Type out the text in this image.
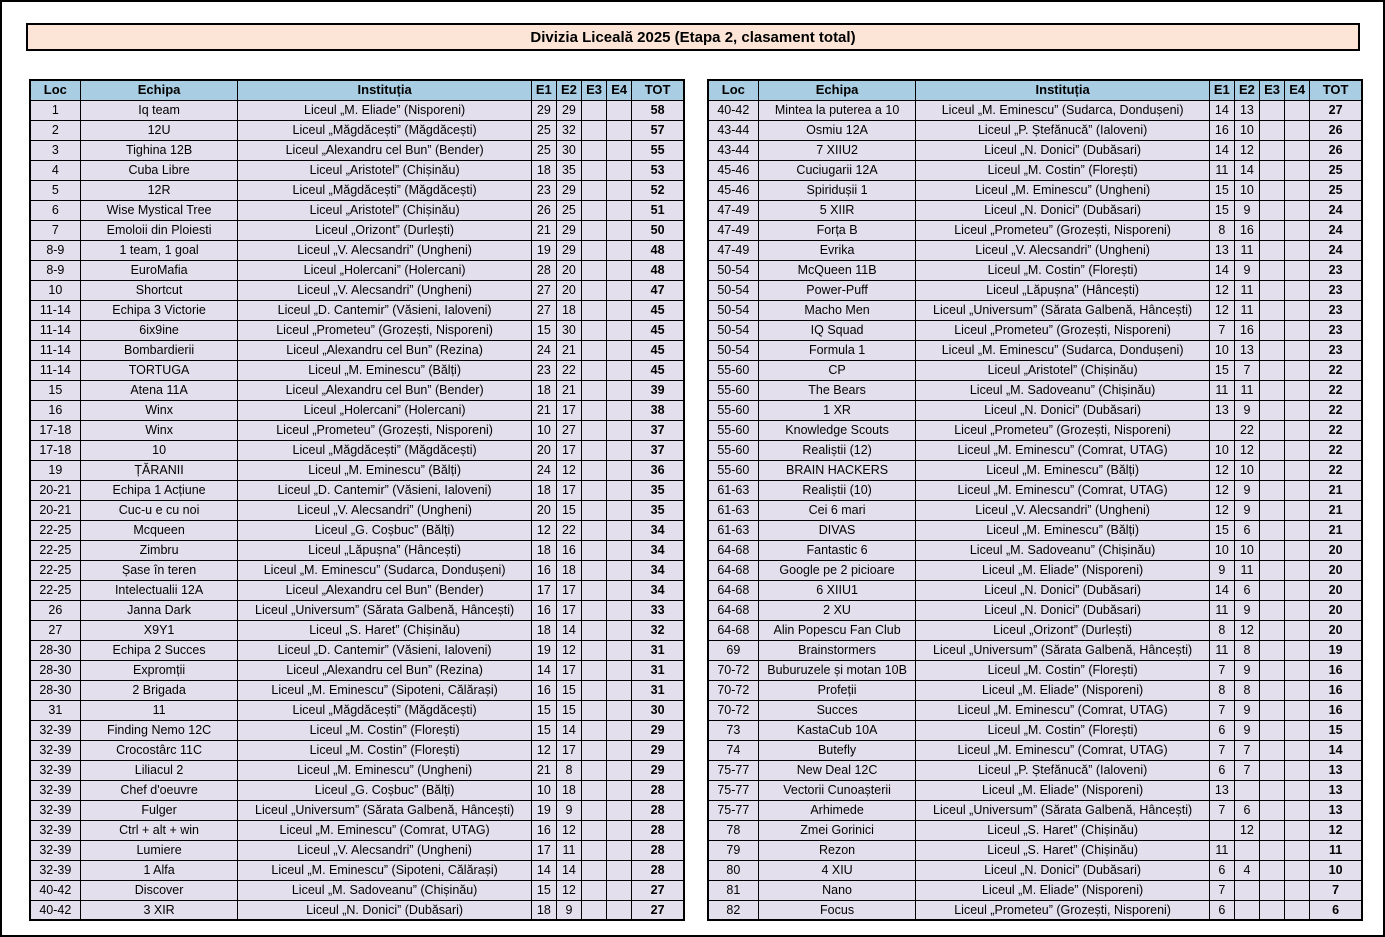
Divizia Liceală 2025 (Etapa 2, clasament total)
Loc	Echipa	Instituția	E1	E2	E3	E4	TOT
1	Iq team	Liceul „M. Eliade” (Nisporeni)	29	29			58
2	12U	Liceul „Măgdăcești” (Măgdăcești)	25	32			57
3	Tighina 12B	Liceul „Alexandru cel Bun” (Bender)	25	30			55
4	Cuba Libre	Liceul „Aristotel” (Chișinău)	18	35			53
5	12R	Liceul „Măgdăcești” (Măgdăcești)	23	29			52
6	Wise Mystical Tree	Liceul „Aristotel” (Chișinău)	26	25			51
7	Emoloii din Ploiesti	Liceul „Orizont” (Durlești)	21	29			50
8-9	1 team, 1 goal	Liceul „V. Alecsandri” (Ungheni)	19	29			48
8-9	EuroMafia	Liceul „Holercani” (Holercani)	28	20			48
10	Shortcut	Liceul „V. Alecsandri” (Ungheni)	27	20			47
11-14	Echipa 3 Victorie	Liceul „D. Cantemir” (Văsieni, Ialoveni)	27	18			45
11-14	6ix9ine	Liceul „Prometeu” (Grozești, Nisporeni)	15	30			45
11-14	Bombardierii	Liceul „Alexandru cel Bun” (Rezina)	24	21			45
11-14	TORTUGA	Liceul „M. Eminescu” (Bălți)	23	22			45
15	Atena 11A	Liceul „Alexandru cel Bun” (Bender)	18	21			39
16	Winx	Liceul „Holercani” (Holercani)	21	17			38
17-18	Winx	Liceul „Prometeu” (Grozești, Nisporeni)	10	27			37
17-18	10	Liceul „Măgdăcești” (Măgdăcești)	20	17			37
19	ȚĂRANII	Liceul „M. Eminescu” (Bălți)	24	12			36
20-21	Echipa 1 Acțiune	Liceul „D. Cantemir” (Văsieni, Ialoveni)	18	17			35
20-21	Cuc-u e cu noi	Liceul „V. Alecsandri” (Ungheni)	20	15			35
22-25	Mcqueen	Liceul „G. Coșbuc” (Bălți)	12	22			34
22-25	Zimbru	Liceul „Lăpușna” (Hâncești)	18	16			34
22-25	Șase în teren	Liceul „M. Eminescu” (Sudarca, Dondușeni)	16	18			34
22-25	Intelectualii 12A	Liceul „Alexandru cel Bun” (Bender)	17	17			34
26	Janna Dark	Liceul „Universum” (Sărata Galbenă, Hâncești)	16	17			33
27	X9Y1	Liceul „S. Haret” (Chișinău)	18	14			32
28-30	Echipa 2 Succes	Liceul „D. Cantemir” (Văsieni, Ialoveni)	19	12			31
28-30	Expromții	Liceul „Alexandru cel Bun” (Rezina)	14	17			31
28-30	2 Brigada	Liceul „M. Eminescu” (Sipoteni, Călărași)	16	15			31
31	11	Liceul „Măgdăcești” (Măgdăcești)	15	15			30
32-39	Finding Nemo 12C	Liceul „M. Costin” (Florești)	15	14			29
32-39	Crocostârc 11C	Liceul „M. Costin” (Florești)	12	17			29
32-39	Liliacul 2	Liceul „M. Eminescu” (Ungheni)	21	8			29
32-39	Chef d'oeuvre	Liceul „G. Coșbuc” (Bălți)	10	18			28
32-39	Fulger	Liceul „Universum” (Sărata Galbenă, Hâncești)	19	9			28
32-39	Ctrl + alt + win	Liceul „M. Eminescu” (Comrat, UTAG)	16	12			28
32-39	Lumiere	Liceul „V. Alecsandri” (Ungheni)	17	11			28
32-39	1 Alfa	Liceul „M. Eminescu” (Sipoteni, Călărași)	14	14			28
40-42	Discover	Liceul „M. Sadoveanu” (Chișinău)	15	12			27
40-42	3 XIR	Liceul „N. Donici” (Dubăsari)	18	9			27
Loc	Echipa	Instituția	E1	E2	E3	E4	TOT
40-42	Mintea la puterea a 10	Liceul „M. Eminescu” (Sudarca, Dondușeni)	14	13			27
43-44	Osmiu 12A	Liceul „P. Ștefănucă” (Ialoveni)	16	10			26
43-44	7 XIIU2	Liceul „N. Donici” (Dubăsari)	14	12			26
45-46	Cuciugarii 12A	Liceul „M. Costin” (Florești)	11	14			25
45-46	Spiridușii 1	Liceul „M. Eminescu” (Ungheni)	15	10			25
47-49	5 XIIR	Liceul „N. Donici” (Dubăsari)	15	9			24
47-49	Forța B	Liceul „Prometeu” (Grozești, Nisporeni)	8	16			24
47-49	Evrika	Liceul „V. Alecsandri” (Ungheni)	13	11			24
50-54	McQueen 11B	Liceul „M. Costin” (Florești)	14	9			23
50-54	Power-Puff	Liceul „Lăpușna” (Hâncești)	12	11			23
50-54	Macho Men	Liceul „Universum” (Sărata Galbenă, Hâncești)	12	11			23
50-54	IQ Squad	Liceul „Prometeu” (Grozești, Nisporeni)	7	16			23
50-54	Formula 1	Liceul „M. Eminescu” (Sudarca, Dondușeni)	10	13			23
55-60	CP	Liceul „Aristotel” (Chișinău)	15	7			22
55-60	The Bears	Liceul „M. Sadoveanu” (Chișinău)	11	11			22
55-60	1 XR	Liceul „N. Donici” (Dubăsari)	13	9			22
55-60	Knowledge Scouts	Liceul „Prometeu” (Grozești, Nisporeni)		22			22
55-60	Realiștii (12)	Liceul „M. Eminescu” (Comrat, UTAG)	10	12			22
55-60	BRAIN HACKERS	Liceul „M. Eminescu” (Bălți)	12	10			22
61-63	Realiștii (10)	Liceul „M. Eminescu” (Comrat, UTAG)	12	9			21
61-63	Cei 6 mari	Liceul „V. Alecsandri” (Ungheni)	12	9			21
61-63	DIVAS	Liceul „M. Eminescu” (Bălți)	15	6			21
64-68	Fantastic 6	Liceul „M. Sadoveanu” (Chișinău)	10	10			20
64-68	Google pe 2 picioare	Liceul „M. Eliade” (Nisporeni)	9	11			20
64-68	6 XIIU1	Liceul „N. Donici” (Dubăsari)	14	6			20
64-68	2 XU	Liceul „N. Donici” (Dubăsari)	11	9			20
64-68	Alin Popescu Fan Club	Liceul „Orizont” (Durlești)	8	12			20
69	Brainstormers	Liceul „Universum” (Sărata Galbenă, Hâncești)	11	8			19
70-72	Buburuzele și motan 10B	Liceul „M. Costin” (Florești)	7	9			16
70-72	Profeții	Liceul „M. Eliade” (Nisporeni)	8	8			16
70-72	Succes	Liceul „M. Eminescu” (Comrat, UTAG)	7	9			16
73	KastaCub 10A	Liceul „M. Costin” (Florești)	6	9			15
74	Butefly	Liceul „M. Eminescu” (Comrat, UTAG)	7	7			14
75-77	New Deal 12C	Liceul „P. Ștefănucă” (Ialoveni)	6	7			13
75-77	Vectorii Cunoașterii	Liceul „M. Eliade” (Nisporeni)	13				13
75-77	Arhimede	Liceul „Universum” (Sărata Galbenă, Hâncești)	7	6			13
78	Zmei Gorinici	Liceul „S. Haret” (Chișinău)		12			12
79	Rezon	Liceul „S. Haret” (Chișinău)	11				11
80	4 XIU	Liceul „N. Donici” (Dubăsari)	6	4			10
81	Nano	Liceul „M. Eliade” (Nisporeni)	7				7
82	Focus	Liceul „Prometeu” (Grozești, Nisporeni)	6				6
